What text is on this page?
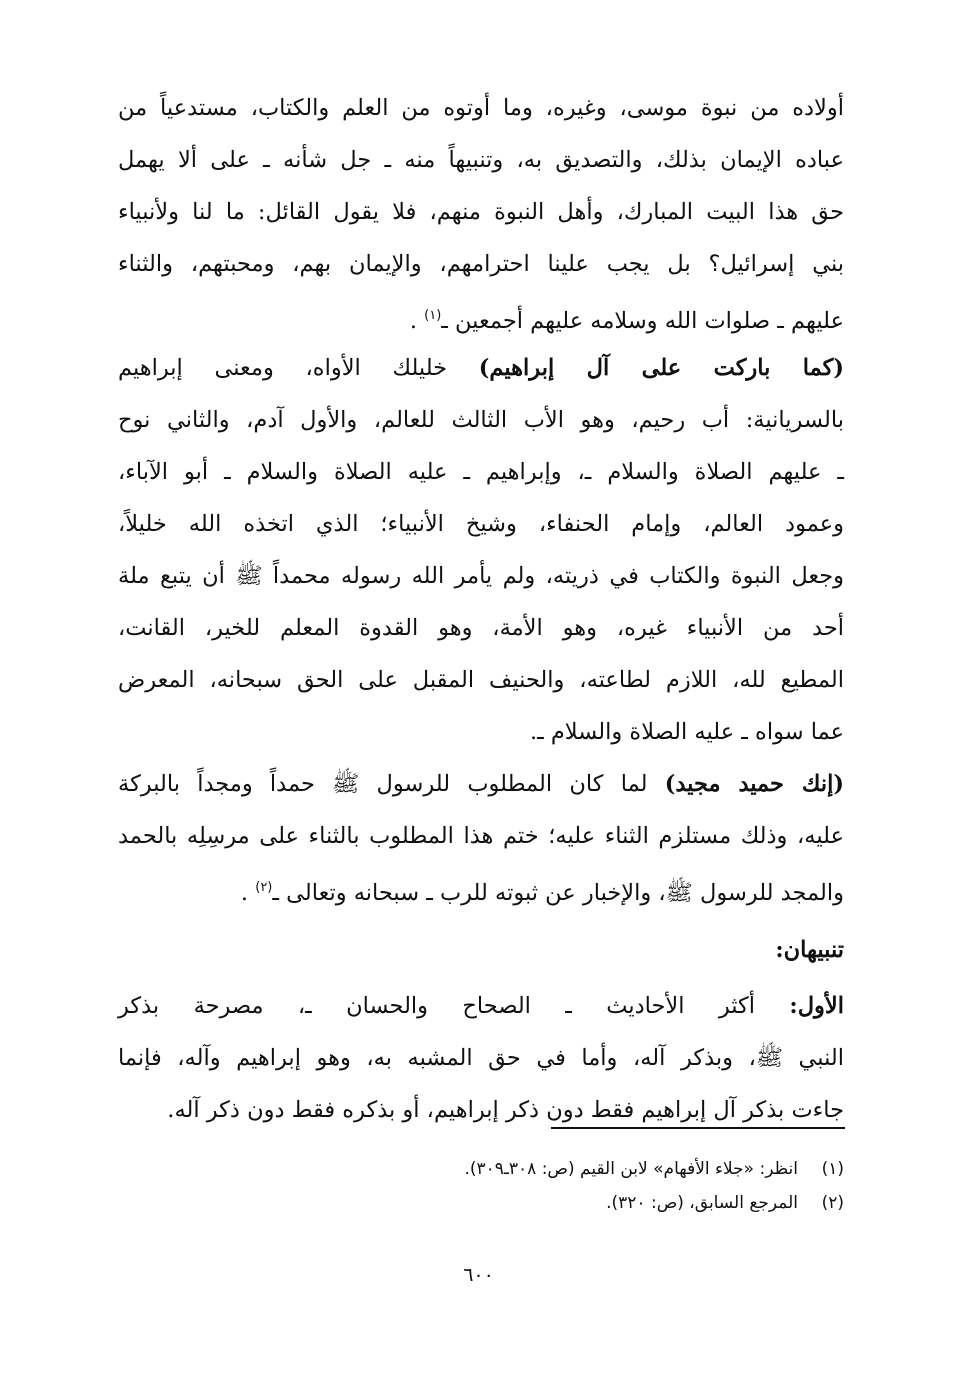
أولاده من نبوة موسى، وغيره، وما أوتوه من العلم والكتاب، مستدعياً من
عباده الإيمان بذلك، والتصديق به، وتنبيهاً منه ـ جل شأنه ـ على ألا يهمل
حق هذا البيت المبارك، وأهل النبوة منهم، فلا يقول القائل: ما لنا ولأنبياء
بني إسرائيل؟ بل يجب علينا احترامهم، والإيمان بهم، ومحبتهم، والثناء
عليهم ـ صلوات الله وسلامه عليهم أجمعين ـ$^{(١)}$ .
(كما باركت على آل إبراهيم) خليلك الأواه، ومعنى إبراهيم
بالسريانية: أب رحيم، وهو الأب الثالث للعالم، والأول آدم، والثاني نوح
ـ عليهم الصلاة والسلام ـ، وإبراهيم ـ عليه الصلاة والسلام ـ أبو الآباء،
وعمود العالم، وإمام الحنفاء، وشيخ الأنبياء؛ الذي اتخذه الله خليلاً،
وجعل النبوة والكتاب في ذريته، ولم يأمر الله رسوله محمداً ﷺ أن يتبع ملة
أحد من الأنبياء غيره، وهو الأمة، وهو القدوة المعلم للخير، القانت،
المطيع لله، اللازم لطاعته، والحنيف المقبل على الحق سبحانه، المعرض
عما سواه ـ عليه الصلاة والسلام ـ.
(إنك حميد مجيد) لما كان المطلوب للرسول ﷺ حمداً ومجداً بالبركة
عليه، وذلك مستلزم الثناء عليه؛ ختم هذا المطلوب بالثناء على مرسِلِه بالحمد
والمجد للرسول ﷺ، والإخبار عن ثبوته للرب ـ سبحانه وتعالى ـ$^{(٢)}$ .
تنبيهان:
الأول: أكثر الأحاديث ـ الصحاح والحسان ـ، مصرحة بذكر
النبي ﷺ، وبذكر آله، وأما في حق المشبه به، وهو إبراهيم وآله، فإنما
جاءت بذكر آل إبراهيم فقط دون ذكر إبراهيم، أو بذكره فقط دون ذكر آله.
(١)انظر: «جلاء الأفهام» لابن القيم (ص: ٣٠٨ـ٣٠٩).
(٢)المرجع السابق، (ص: ٣٢٠).
٦٠٠
